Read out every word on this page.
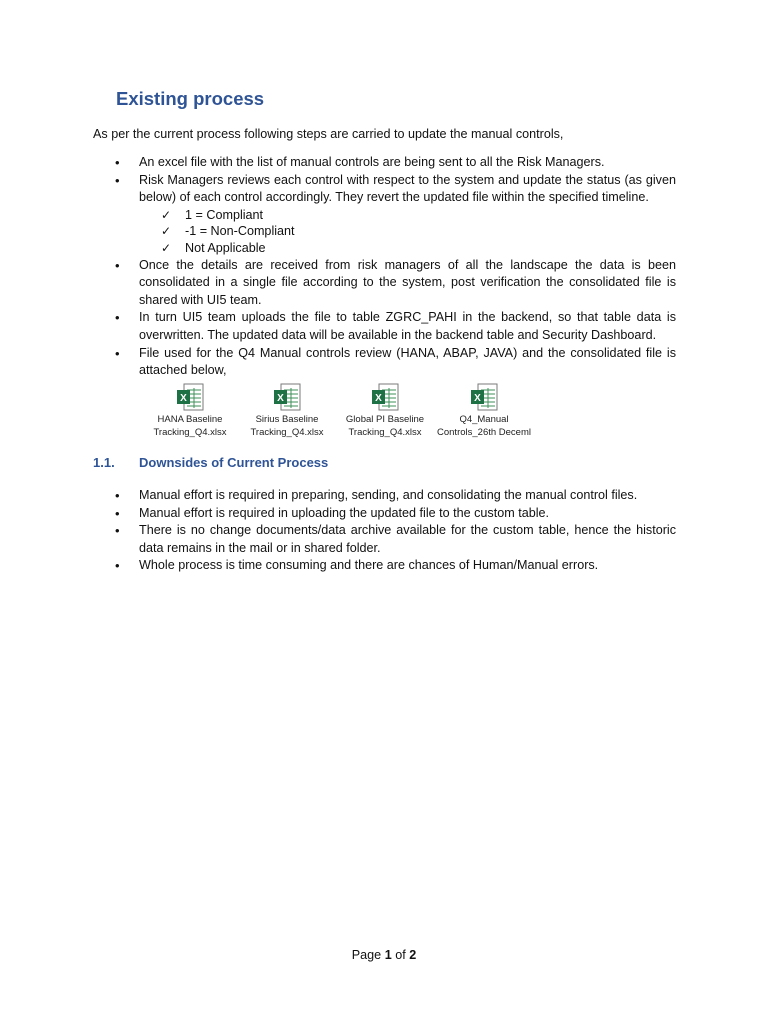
Existing process

As per the current process following steps are carried to update the manual controls,

• An excel file with the list of manual controls are being sent to all the Risk Managers.
• Risk Managers reviews each control with respect to the system and update the status (as given below) of each control accordingly. They revert the updated file within the specified timeline.
✓ 1 = Compliant
✓ -1 = Non-Compliant
✓ Not Applicable
• Once the details are received from risk managers of all the landscape the data is been consolidated in a single file according to the system, post verification the consolidated file is shared with UI5 team.
• In turn UI5 team uploads the file to table ZGRC_PAHI in the backend, so that table data is overwritten. The updated data will be available in the backend table and Security Dashboard.
• File used for the Q4 Manual controls review (HANA, ABAP, JAVA) and the consolidated file is attached below,
X
HANA Baseline
Tracking_Q4.xlsx
X
Sirius Baseline
Tracking_Q4.xlsx
X
Global PI Baseline
Tracking_Q4.xlsx
X
Q4_Manual
Controls_26th Deceml
1.1. Downsides of Current Process
• Manual effort is required in preparing, sending, and consolidating the manual control files.
• Manual effort is required in uploading the updated file to the custom table.
• There is no change documents/data archive available for the custom table, hence the historic data remains in the mail or in shared folder.
• Whole process is time consuming and there are chances of Human/Manual errors.
Page 1 of 2
